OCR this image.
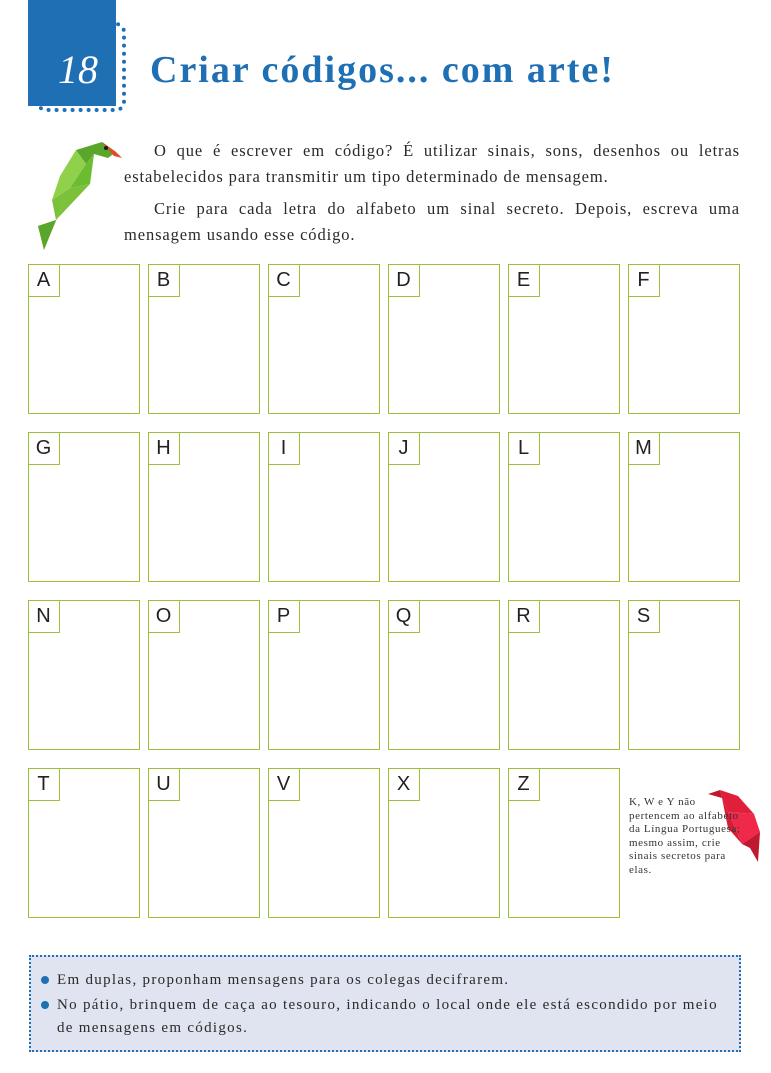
18	Criar códigos... com arte!

O que é escrever em código? É utilizar sinais, sons, desenhos ou letras estabelecidos para transmitir um tipo determinado de mensagem.

Crie para cada letra do alfabeto um sinal secreto. Depois, escreva uma mensagem usando esse código.

A	B	C	D	E	F
G	H	I	J	L	M
N	O	P	Q	R	S
T	U	V	X	Z
K, W e Y não pertencem ao alfabeto da Língua Portuguesa; mesmo assim, crie sinais secretos para elas.
Em duplas, proponham mensagens para os colegas decifrarem.
No pátio, brinquem de caça ao tesouro, indicando o local onde ele está escondido por meio de mensagens em códigos.
